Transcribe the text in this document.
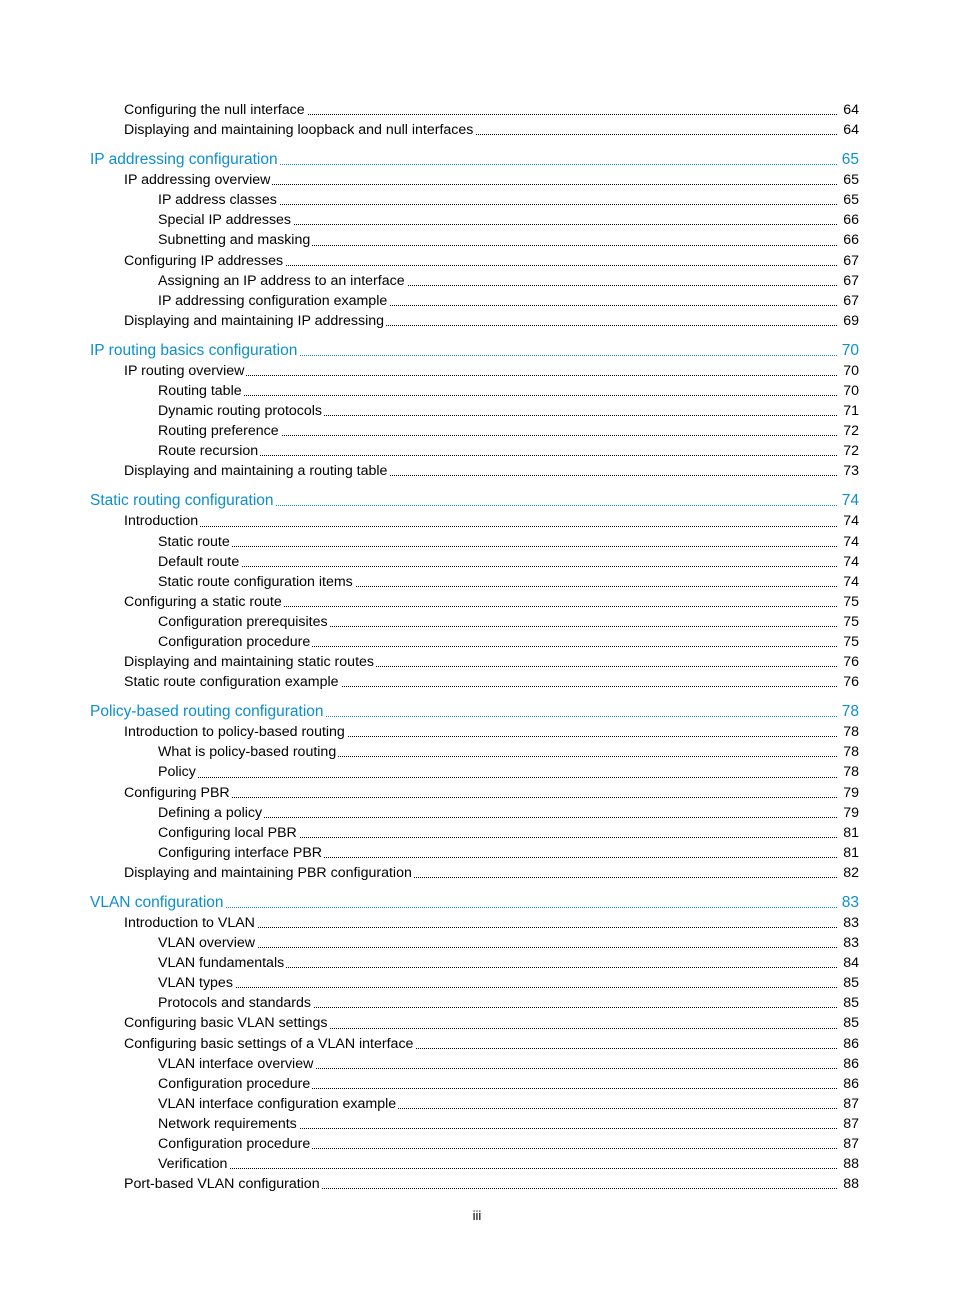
Configuring the null interface	64
Displaying and maintaining loopback and null interfaces	64
IP addressing configuration	65
IP addressing overview	65
IP address classes	65
Special IP addresses	66
Subnetting and masking	66
Configuring IP addresses	67
Assigning an IP address to an interface	67
IP addressing configuration example	67
Displaying and maintaining IP addressing	69
IP routing basics configuration	70
IP routing overview	70
Routing table	70
Dynamic routing protocols	71
Routing preference	72
Route recursion	72
Displaying and maintaining a routing table	73
Static routing configuration	74
Introduction	74
Static route	74
Default route	74
Static route configuration items	74
Configuring a static route	75
Configuration prerequisites	75
Configuration procedure	75
Displaying and maintaining static routes	76
Static route configuration example	76
Policy-based routing configuration	78
Introduction to policy-based routing	78
What is policy-based routing	78
Policy	78
Configuring PBR	79
Defining a policy	79
Configuring local PBR	81
Configuring interface PBR	81
Displaying and maintaining PBR configuration	82
VLAN configuration	83
Introduction to VLAN	83
VLAN overview	83
VLAN fundamentals	84
VLAN types	85
Protocols and standards	85
Configuring basic VLAN settings	85
Configuring basic settings of a VLAN interface	86
VLAN interface overview	86
Configuration procedure	86
VLAN interface configuration example	87
Network requirements	87
Configuration procedure	87
Verification	88
Port-based VLAN configuration	88
iii
